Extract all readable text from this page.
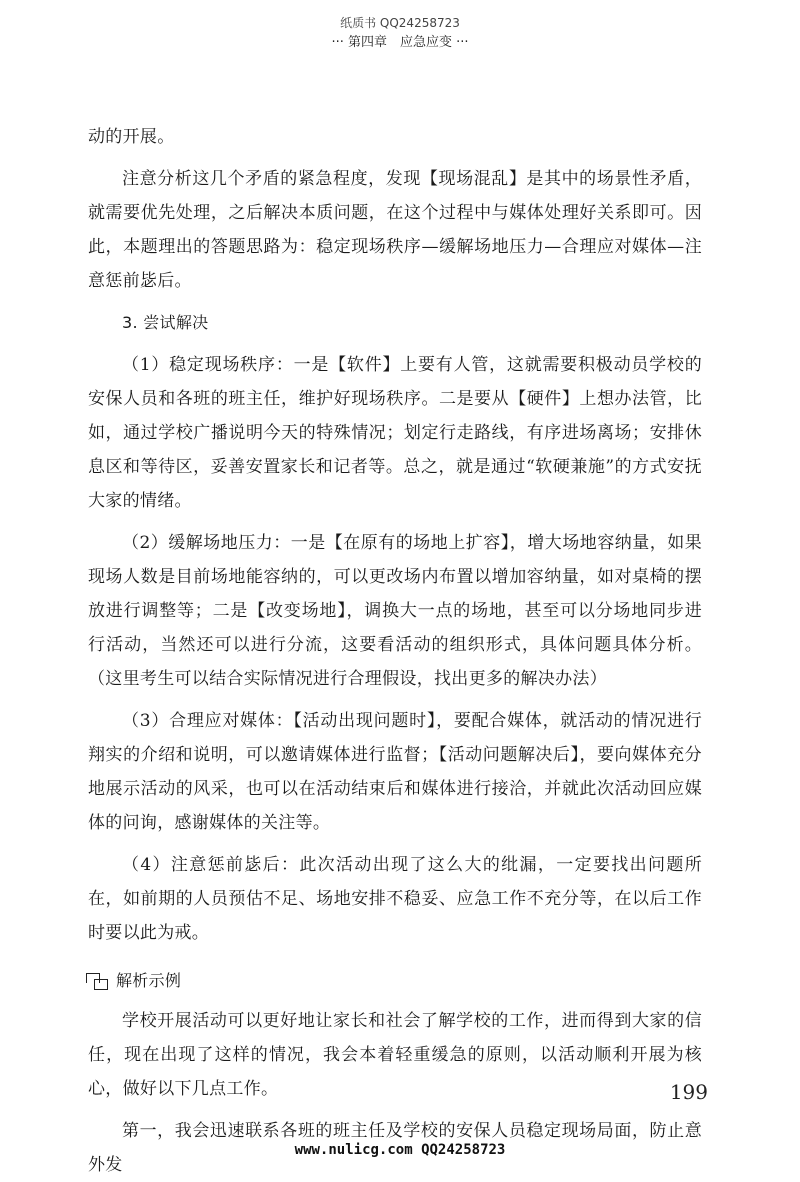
纸质书 QQ24258723
··· 第四章　应急应变 ···

动的开展。

注意分析这几个矛盾的紧急程度，发现【现场混乱】是其中的场景性矛盾，就需要优先处理，之后解决本质问题，在这个过程中与媒体处理好关系即可。因此，本题理出的答题思路为：稳定现场秩序—缓解场地压力—合理应对媒体—注意惩前毖后。

3. 尝试解决

（1）稳定现场秩序：一是【软件】上要有人管，这就需要积极动员学校的安保人员和各班的班主任，维护好现场秩序。二是要从【硬件】上想办法管，比如，通过学校广播说明今天的特殊情况；划定行走路线，有序进场离场；安排休息区和等待区，妥善安置家长和记者等。总之，就是通过“软硬兼施”的方式安抚大家的情绪。

（2）缓解场地压力：一是【在原有的场地上扩容】，增大场地容纳量，如果现场人数是目前场地能容纳的，可以更改场内布置以增加容纳量，如对桌椅的摆放进行调整等；二是【改变场地】，调换大一点的场地，甚至可以分场地同步进行活动，当然还可以进行分流，这要看活动的组织形式，具体问题具体分析。（这里考生可以结合实际情况进行合理假设，找出更多的解决办法）

（3）合理应对媒体：【活动出现问题时】，要配合媒体，就活动的情况进行翔实的介绍和说明，可以邀请媒体进行监督；【活动问题解决后】，要向媒体充分地展示活动的风采，也可以在活动结束后和媒体进行接洽，并就此次活动回应媒体的问询，感谢媒体的关注等。

（4）注意惩前毖后：此次活动出现了这么大的纰漏，一定要找出问题所在，如前期的人员预估不足、场地安排不稳妥、应急工作不充分等，在以后工作时要以此为戒。

解析示例

学校开展活动可以更好地让家长和社会了解学校的工作，进而得到大家的信任，现在出现了这样的情况，我会本着轻重缓急的原则，以活动顺利开展为核心，做好以下几点工作。

第一，我会迅速联系各班的班主任及学校的安保人员稳定现场局面，防止意外发

199
www.nulicg.com QQ24258723
